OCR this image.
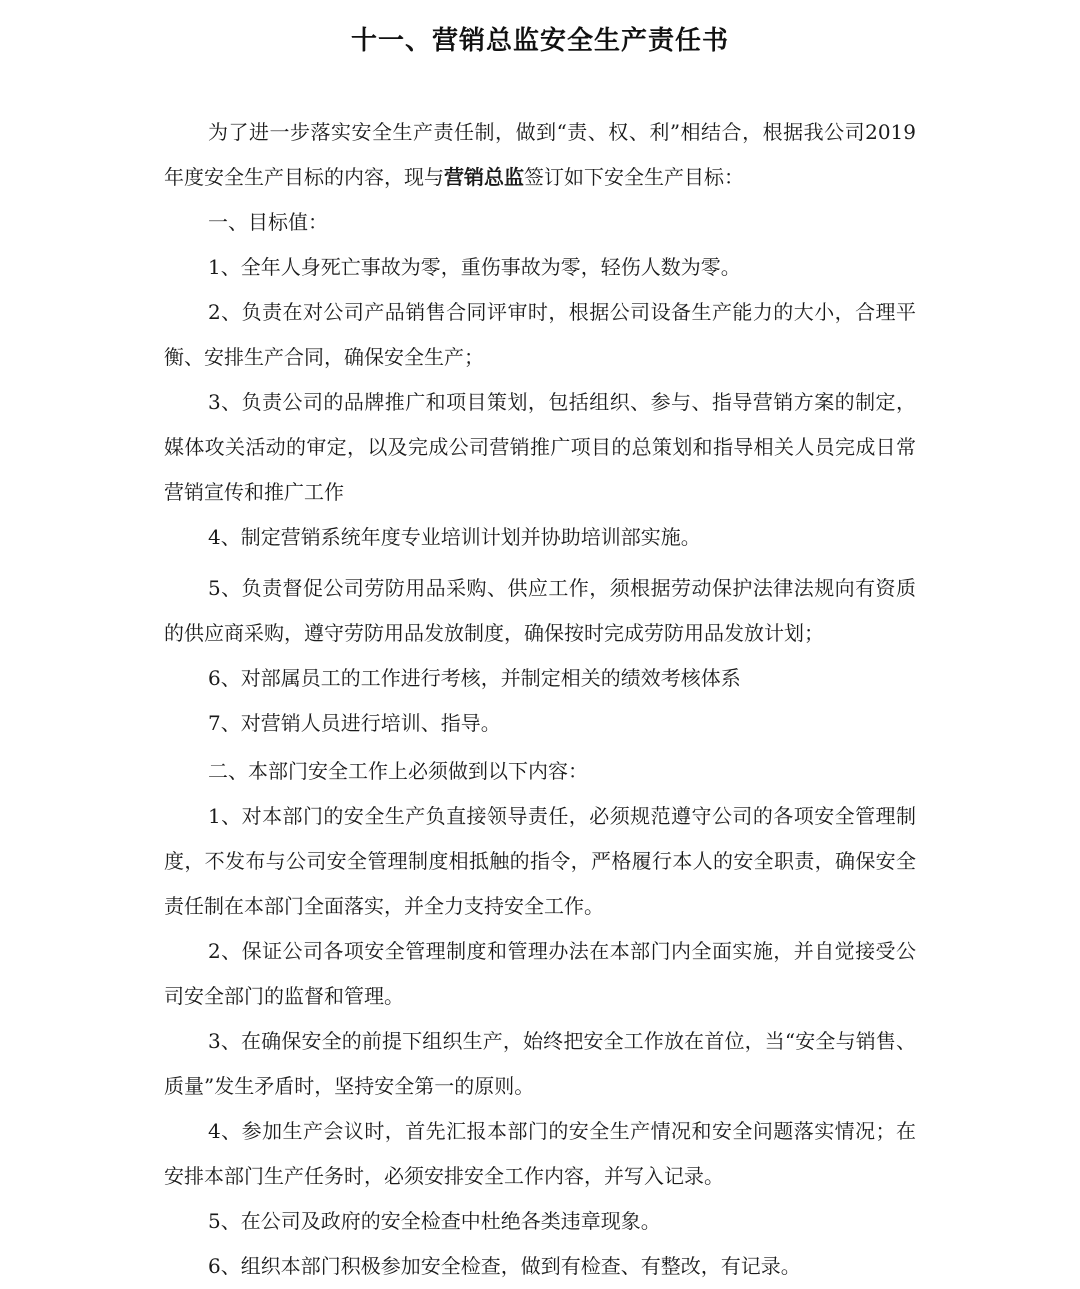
十一、营销总监安全生产责任书

为了进一步落实安全生产责任制，做到“责、权、利”相结合，根据我公司2019年度安全生产目标的内容，现与营销总监签订如下安全生产目标：

一、目标值：

1、全年人身死亡事故为零，重伤事故为零，轻伤人数为零。

2、负责在对公司产品销售合同评审时，根据公司设备生产能力的大小，合理平衡、安排生产合同，确保安全生产；

3、负责公司的品牌推广和项目策划，包括组织、参与、指导营销方案的制定，媒体攻关活动的审定，以及完成公司营销推广项目的总策划和指导相关人员完成日常营销宣传和推广工作

4、制定营销系统年度专业培训计划并协助培训部实施。

5、负责督促公司劳防用品采购、供应工作，须根据劳动保护法律法规向有资质的供应商采购，遵守劳防用品发放制度，确保按时完成劳防用品发放计划；

6、对部属员工的工作进行考核，并制定相关的绩效考核体系

7、对营销人员进行培训、指导。

二、本部门安全工作上必须做到以下内容：

1、对本部门的安全生产负直接领导责任，必须规范遵守公司的各项安全管理制度，不发布与公司安全管理制度相抵触的指令，严格履行本人的安全职责，确保安全责任制在本部门全面落实，并全力支持安全工作。

2、保证公司各项安全管理制度和管理办法在本部门内全面实施，并自觉接受公司安全部门的监督和管理。

3、在确保安全的前提下组织生产，始终把安全工作放在首位，当“安全与销售、质量”发生矛盾时，坚持安全第一的原则。

4、参加生产会议时，首先汇报本部门的安全生产情况和安全问题落实情况；在安排本部门生产任务时，必须安排安全工作内容，并写入记录。

5、在公司及政府的安全检查中杜绝各类违章现象。

6、组织本部门积极参加安全检查，做到有检查、有整改，有记录。
